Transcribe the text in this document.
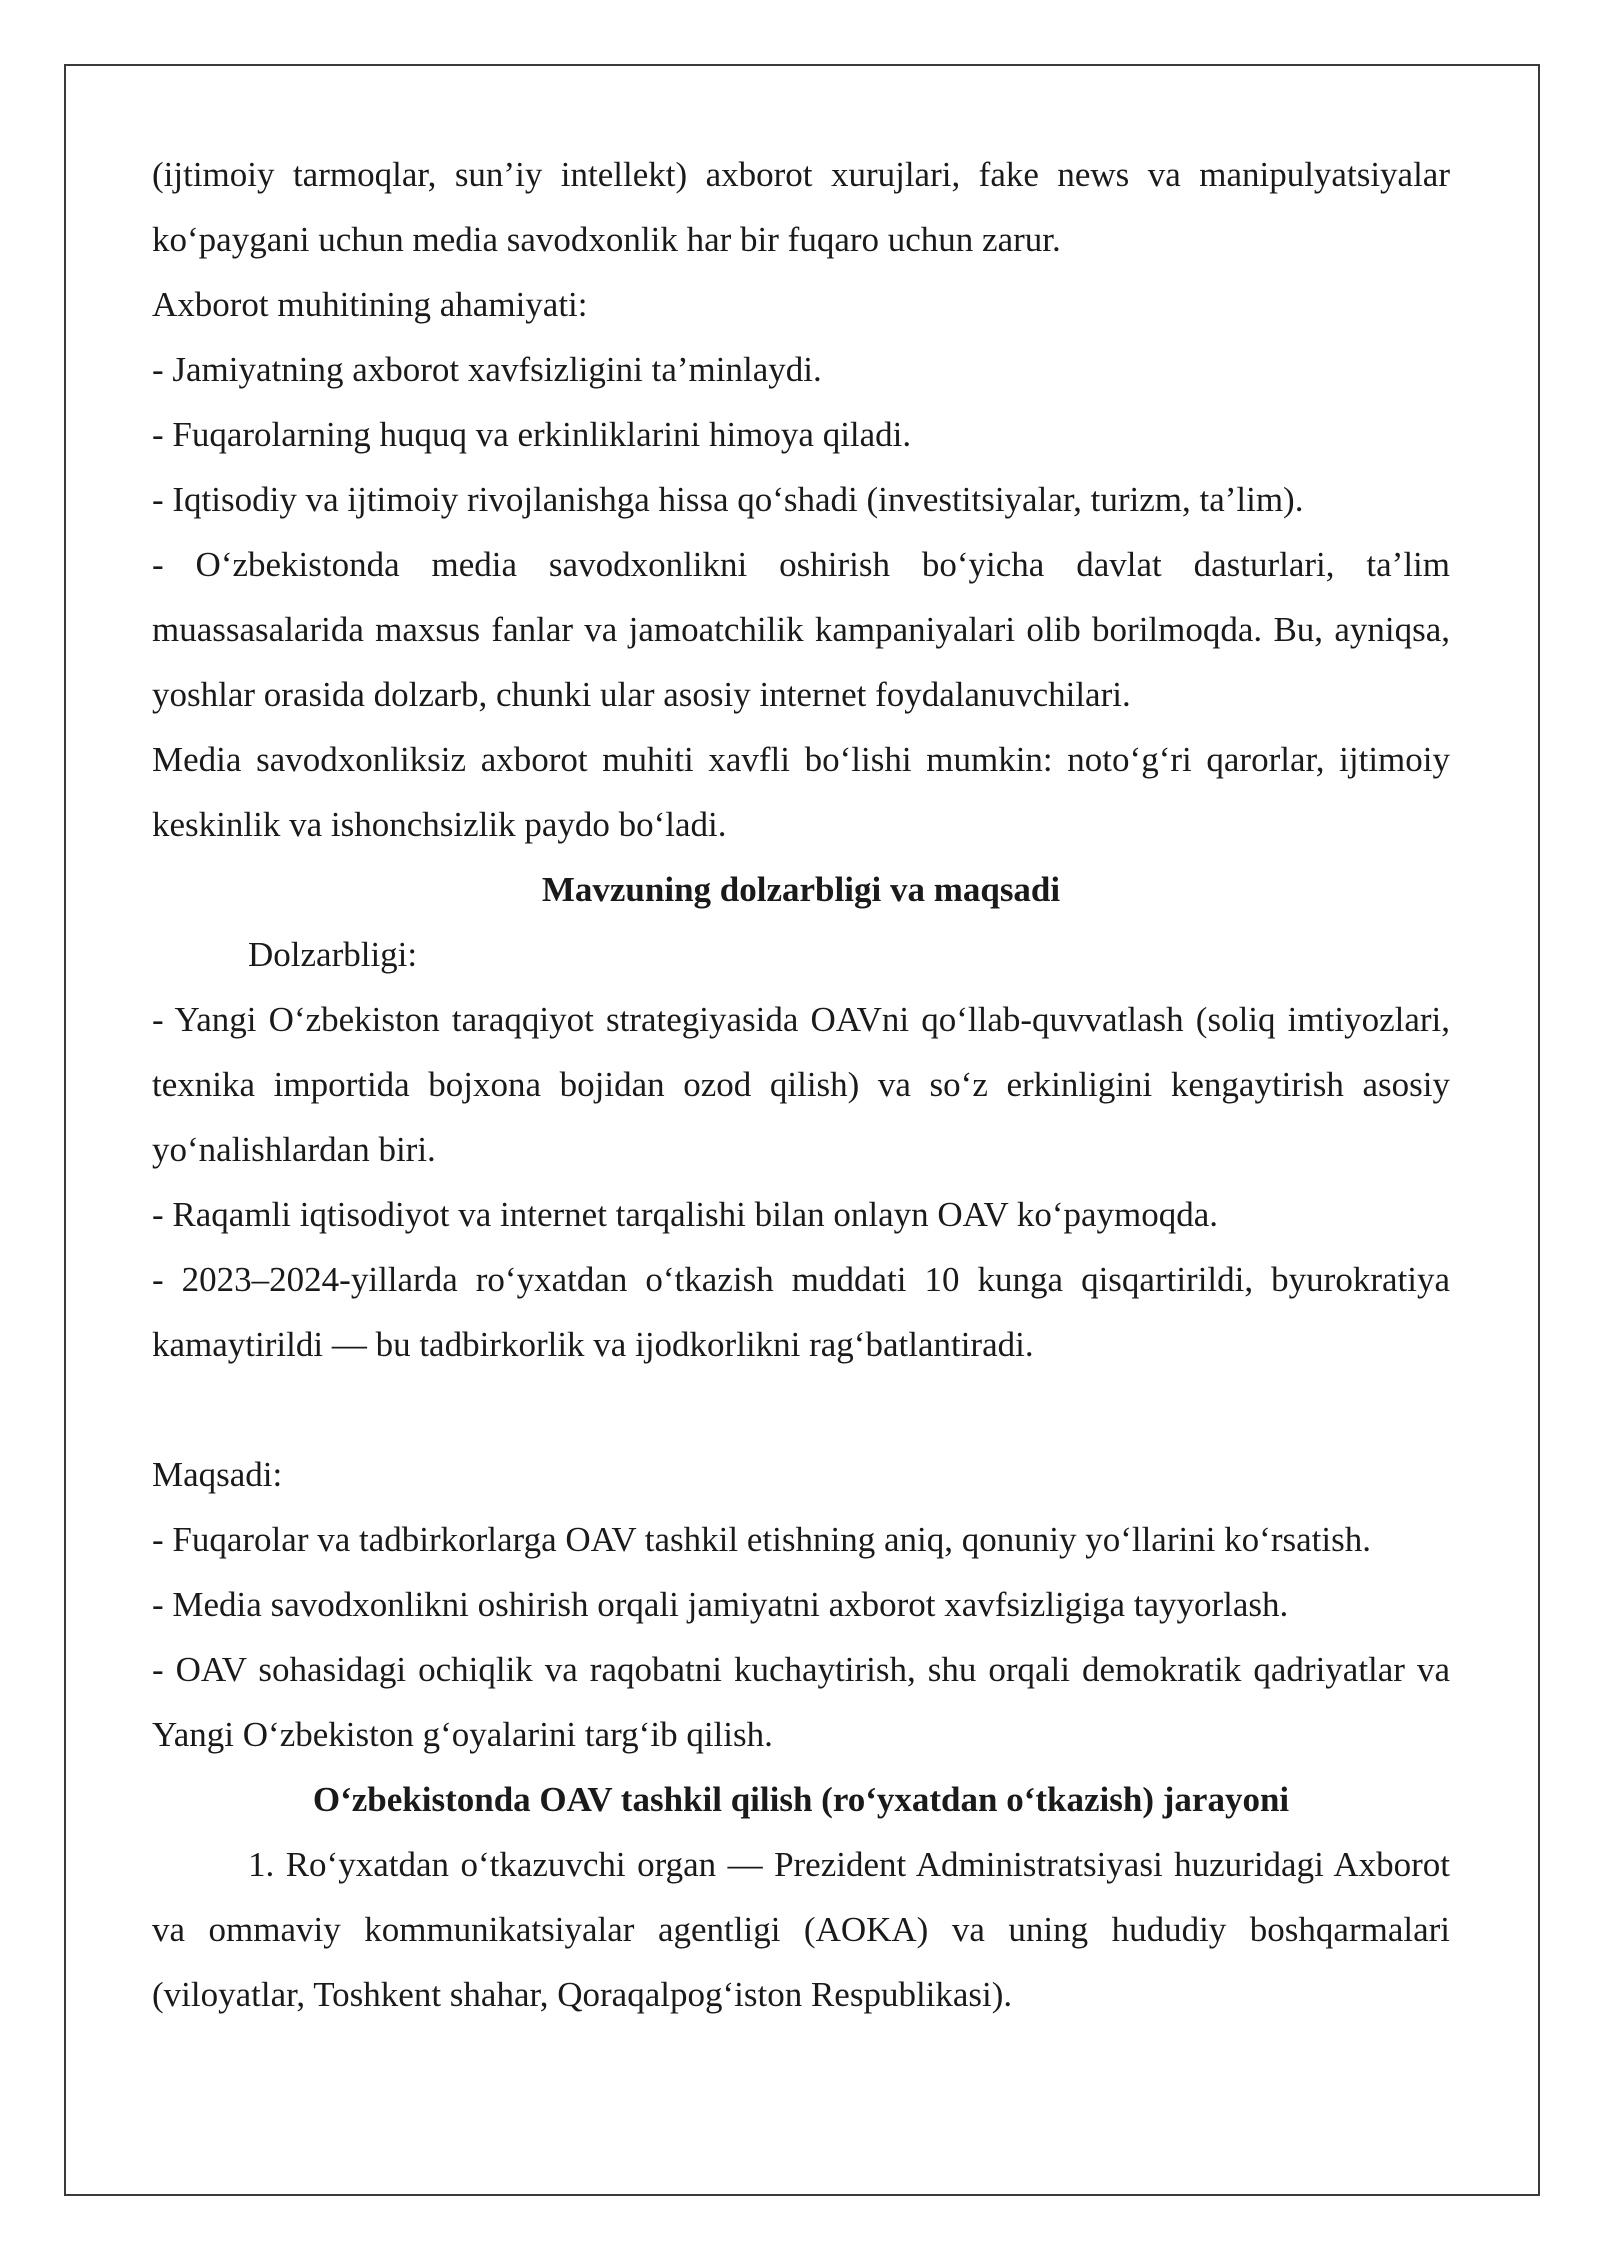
(ijtimoiy tarmoqlar, sun’iy intellekt) axborot xurujlari, fake news va manipulyatsiyalar ko‘paygani uchun media savodxonlik har bir fuqaro uchun zarur.

Axborot muhitining ahamiyati:

- Jamiyatning axborot xavfsizligini ta’minlaydi.

- Fuqarolarning huquq va erkinliklarini himoya qiladi.

- Iqtisodiy va ijtimoiy rivojlanishga hissa qo‘shadi (investitsiyalar, turizm, ta’lim).

- O‘zbekistonda media savodxonlikni oshirish bo‘yicha davlat dasturlari, ta’lim muassasalarida maxsus fanlar va jamoatchilik kampaniyalari olib borilmoqda. Bu, ayniqsa, yoshlar orasida dolzarb, chunki ular asosiy internet foydalanuvchilari.

Media savodxonliksiz axborot muhiti xavfli bo‘lishi mumkin: noto‘g‘ri qarorlar, ijtimoiy keskinlik va ishonchsizlik paydo bo‘ladi.

Mavzuning dolzarbligi va maqsadi

Dolzarbligi:

- Yangi O‘zbekiston taraqqiyot strategiyasida OAVni qo‘llab-quvvatlash (soliq imtiyozlari, texnika importida bojxona bojidan ozod qilish) va so‘z erkinligini kengaytirish asosiy yo‘nalishlardan biri.

- Raqamli iqtisodiyot va internet tarqalishi bilan onlayn OAV ko‘paymoqda.

- 2023–2024-yillarda ro‘yxatdan o‘tkazish muddati 10 kunga qisqartirildi, byurokratiya kamaytirildi — bu tadbirkorlik va ijodkorlikni rag‘batlantiradi.

Maqsadi:

- Fuqarolar va tadbirkorlarga OAV tashkil etishning aniq, qonuniy yo‘llarini ko‘rsatish.

- Media savodxonlikni oshirish orqali jamiyatni axborot xavfsizligiga tayyorlash.

- OAV sohasidagi ochiqlik va raqobatni kuchaytirish, shu orqali demokratik qadriyatlar va Yangi O‘zbekiston g‘oyalarini targ‘ib qilish.

O‘zbekistonda OAV tashkil qilish (ro‘yxatdan o‘tkazish) jarayoni

1. Ro‘yxatdan o‘tkazuvchi organ — Prezident Administratsiyasi huzuridagi Axborot va ommaviy kommunikatsiyalar agentligi (AOKA) va uning hududiy boshqarmalari (viloyatlar, Toshkent shahar, Qoraqalpog‘iston Respublikasi).
